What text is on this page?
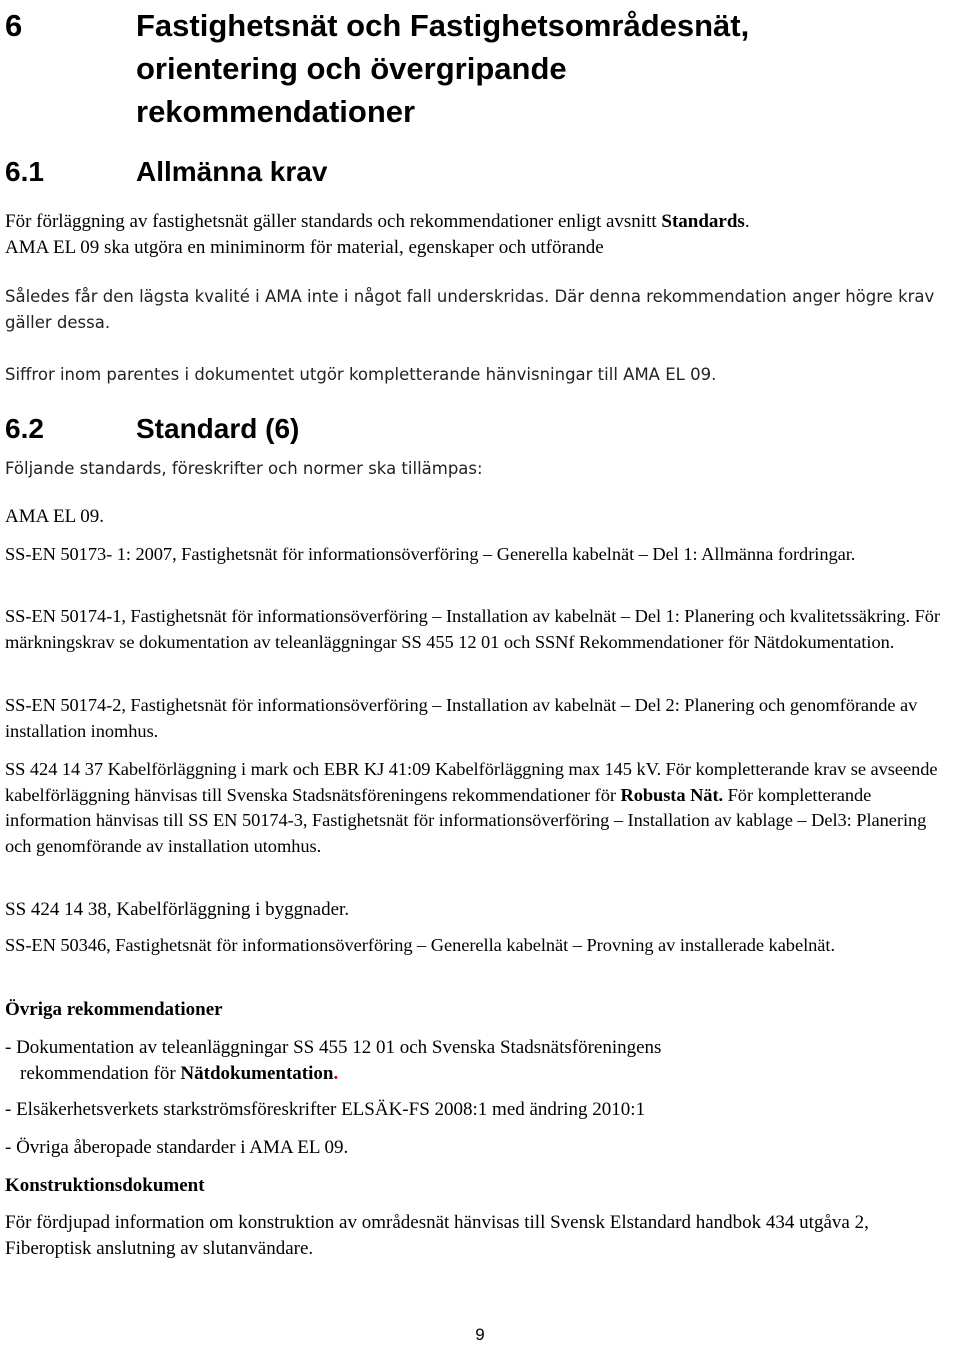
6	Fastighetsnät och Fastighetsområdesnät,
orientering och övergripande
rekommendationer
6.1	Allmänna krav

För förläggning av fastighetsnät gäller standards och rekommendationer enligt avsnitt Standards.
AMA EL 09 ska utgöra en miniminorm för material, egenskaper och utförande

Således får den lägsta kvalité i AMA inte i något fall underskridas. Där denna rekommendation anger högre krav gäller dessa.

Siffror inom parentes i dokumentet utgör kompletterande hänvisningar till AMA EL 09.

6.2	Standard (6)

Följande standards, föreskrifter och normer ska tillämpas:

AMA EL 09.

SS-EN 50173- 1: 2007, Fastighetsnät för informationsöverföring – Generella kabelnät – Del 1: Allmänna fordringar.

SS-EN 50174-1, Fastighetsnät för informationsöverföring – Installation av kabelnät – Del 1: Planering och kvalitetssäkring. För märkningskrav se dokumentation av teleanläggningar SS 455 12 01 och SSNf Rekommendationer för Nätdokumentation.

SS-EN 50174-2, Fastighetsnät för informationsöverföring – Installation av kabelnät – Del 2: Planering och genomförande av installation inomhus.

SS 424 14 37 Kabelförläggning i mark och EBR KJ 41:09 Kabelförläggning max 145 kV. För kompletterande krav se avseende kabelförläggning hänvisas till Svenska Stadsnätsföreningens rekommendationer för Robusta Nät. För kompletterande information hänvisas till SS EN 50174-3, Fastighetsnät för informationsöverföring – Installation av kablage – Del3: Planering och genomförande av installation utomhus.

SS 424 14 38, Kabelförläggning i byggnader.

SS-EN 50346, Fastighetsnät för informationsöverföring – Generella kabelnät – Provning av installerade kabelnät.

Övriga rekommendationer

- Dokumentation av teleanläggningar SS 455 12 01 och Svenska Stadsnätsföreningens
rekommendation för Nätdokumentation.

- Elsäkerhetsverkets starkströmsföreskrifter ELSÄK-FS 2008:1 med ändring 2010:1

- Övriga åberopade standarder i AMA EL 09.

Konstruktionsdokument

För fördjupad information om konstruktion av områdesnät hänvisas till Svensk Elstandard handbok 434 utgåva 2, Fiberoptisk anslutning av slutanvändare.

9
